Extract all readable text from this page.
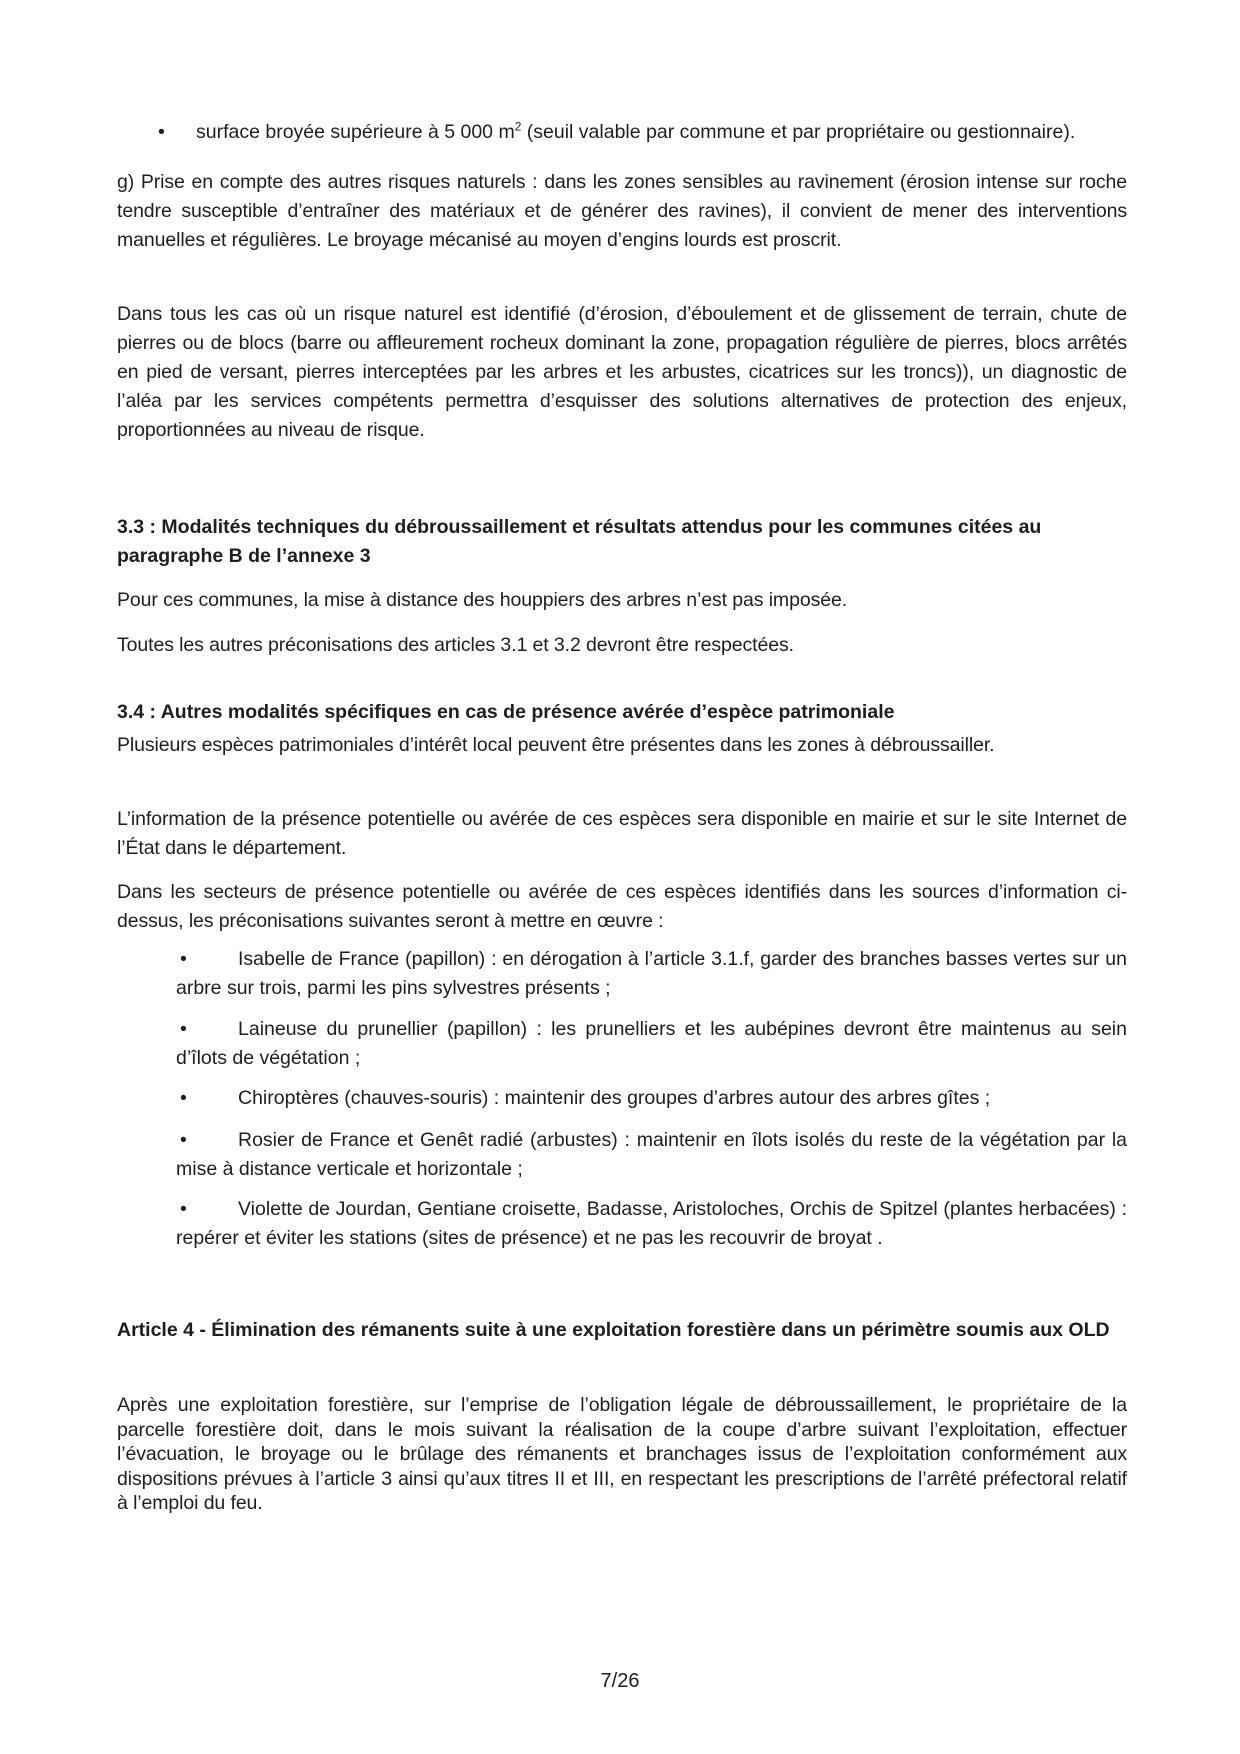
• surface broyée supérieure à 5 000 $m^2$ (seuil valable par commune et par propriétaire ou gestionnaire).

g) Prise en compte des autres risques naturels : dans les zones sensibles au ravinement (érosion intense sur roche tendre susceptible d’entraîner des matériaux et de générer des ravines), il convient de mener des interventions manuelles et régulières. Le broyage mécanisé au moyen d’engins lourds est proscrit.

Dans tous les cas où un risque naturel est identifié (d’érosion, d’éboulement et de glissement de terrain, chute de pierres ou de blocs (barre ou affleurement rocheux dominant la zone, propagation régulière de pierres, blocs arrêtés en pied de versant, pierres interceptées par les arbres et les arbustes, cicatrices sur les troncs)), un diagnostic de l’aléa par les services compétents permettra d’esquisser des solutions alternatives de protection des enjeux, proportionnées au niveau de risque.

3.3 : Modalités techniques du débroussaillement et résultats attendus pour les communes citées au paragraphe B de l’annexe 3

Pour ces communes, la mise à distance des houppiers des arbres n’est pas imposée.

Toutes les autres préconisations des articles 3.1 et 3.2 devront être respectées.

3.4 : Autres modalités spécifiques en cas de présence avérée d’espèce patrimoniale

Plusieurs espèces patrimoniales d’intérêt local peuvent être présentes dans les zones à débroussailler.

L’information de la présence potentielle ou avérée de ces espèces sera disponible en mairie et sur le site Internet de l’État dans le département.

Dans les secteurs de présence potentielle ou avérée de ces espèces identifiés dans les sources d’information ci-dessus, les préconisations suivantes seront à mettre en œuvre :

•	Isabelle de France (papillon) : en dérogation à l’article 3.1.f, garder des branches basses vertes sur un arbre sur trois, parmi les pins sylvestres présents ;
•	Laineuse du prunellier (papillon) : les prunelliers et les aubépines devront être maintenus au sein d’îlots de végétation ;
•	Chiroptères (chauves-souris) : maintenir des groupes d’arbres autour des arbres gîtes ;
•	Rosier de France et Genêt radié (arbustes) : maintenir en îlots isolés du reste de la végétation par la mise à distance verticale et horizontale ;
•	Violette de Jourdan, Gentiane croisette, Badasse, Aristoloches, Orchis de Spitzel (plantes herbacées) : repérer et éviter les stations (sites de présence) et ne pas les recouvrir de broyat .
Article 4 - Élimination des rémanents suite à une exploitation forestière dans un périmètre soumis aux OLD

Après une exploitation forestière, sur l’emprise de l’obligation légale de débroussaillement, le propriétaire de la parcelle forestière doit, dans le mois suivant la réalisation de la coupe d’arbre suivant l’exploitation, effectuer l’évacuation, le broyage ou le brûlage des rémanents et branchages issus de l’exploitation conformément aux dispositions prévues à l’article 3 ainsi qu’aux titres II et III, en respectant les prescriptions de l’arrêté préfectoral relatif à l’emploi du feu.

7/26
